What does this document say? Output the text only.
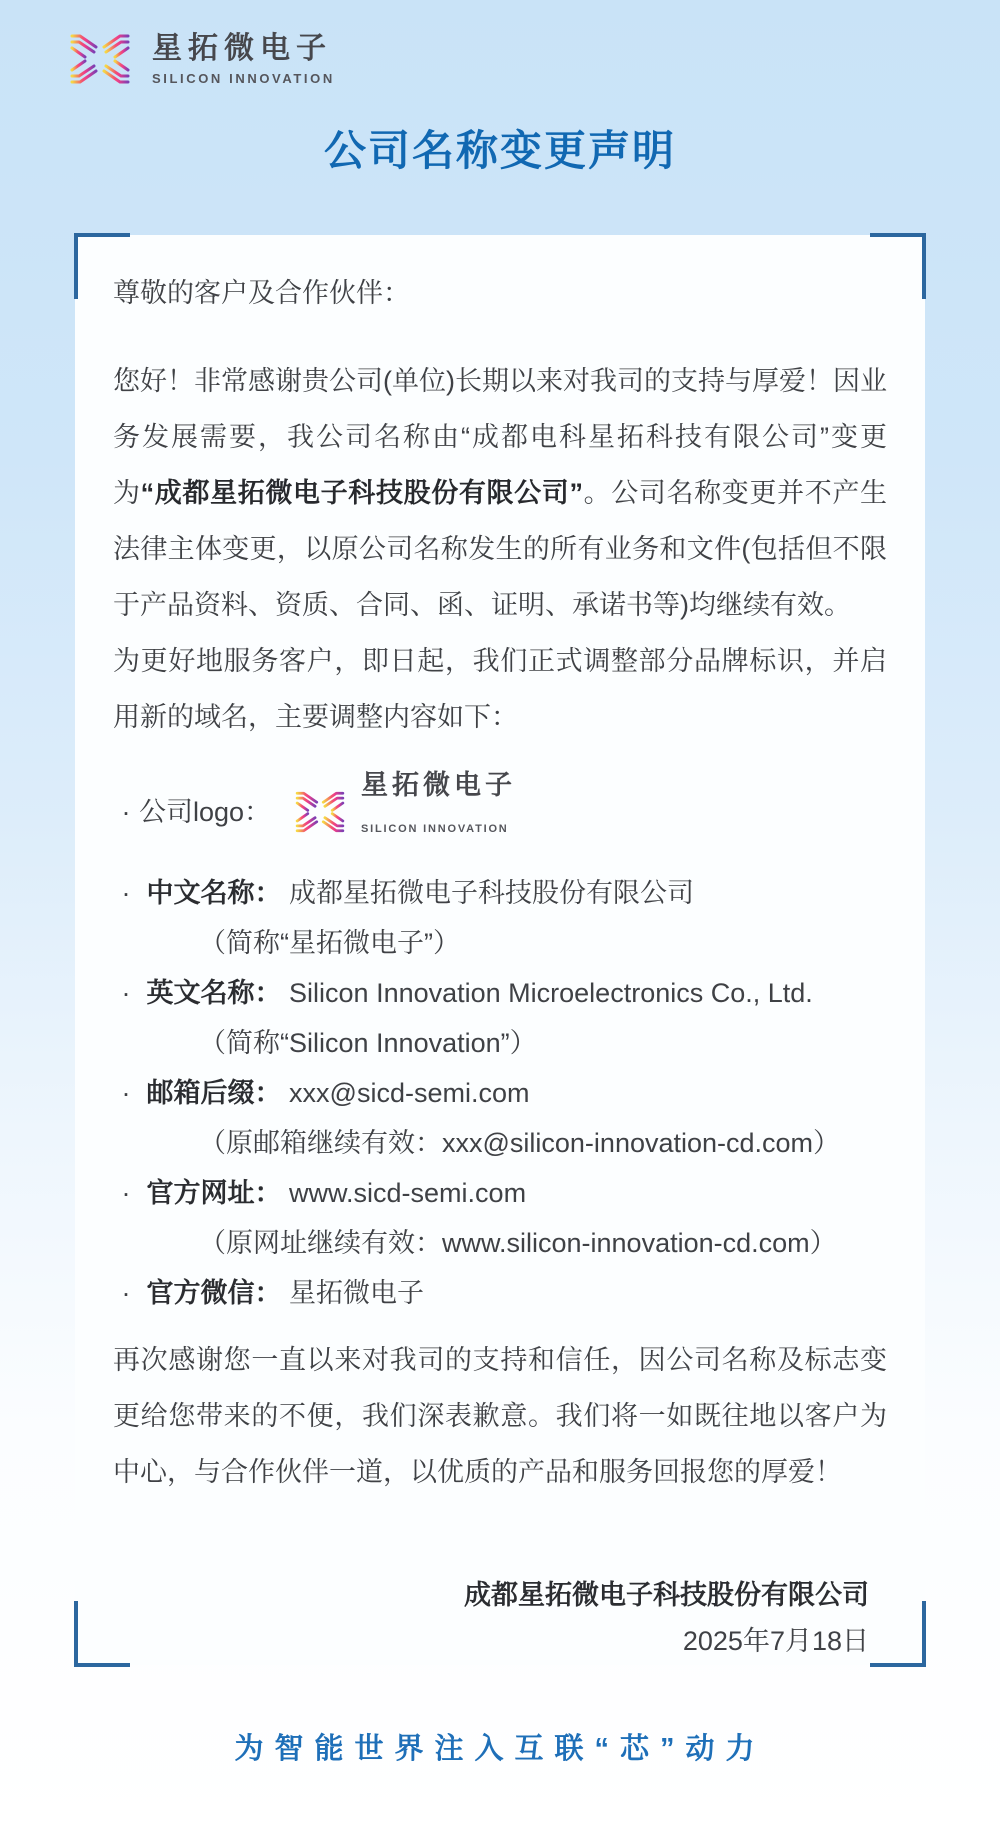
星拓微电子
SILICON INNOVATION
公司名称变更声明

尊敬的客户及合作伙伴：

您好！非常感谢贵公司(单位)长期以来对我司的支持与厚爱！因业务发展需要，我公司名称由“成都电科星拓科技有限公司”变更为“成都星拓微电子科技股份有限公司”。公司名称变更并不产生法律主体变更，以原公司名称发生的所有业务和文件(包括但不限于产品资料、资质、合同、函、证明、承诺书等)均继续有效。

为更好地服务客户，即日起，我们正式调整部分品牌标识，并启用新的域名，主要调整内容如下：

· 公司logo：
星拓微电子
SILICON INNOVATION
· 中文名称： 成都星拓微电子科技股份有限公司
（简称“星拓微电子”）
· 英文名称： Silicon Innovation Microelectronics Co., Ltd.
（简称“Silicon Innovation”）
· 邮箱后缀： xxx@sicd-semi.com
（原邮箱继续有效：xxx@silicon-innovation-cd.com）
· 官方网址： www.sicd-semi.com
（原网址继续有效：www.silicon-innovation-cd.com）
· 官方微信： 星拓微电子

再次感谢您一直以来对我司的支持和信任，因公司名称及标志变更给您带来的不便，我们深表歉意。我们将一如既往地以客户为中心，与合作伙伴一道，以优质的产品和服务回报您的厚爱！

成都星拓微电子科技股份有限公司
2025年7月18日
为智能世界注入互联“芯”动力
